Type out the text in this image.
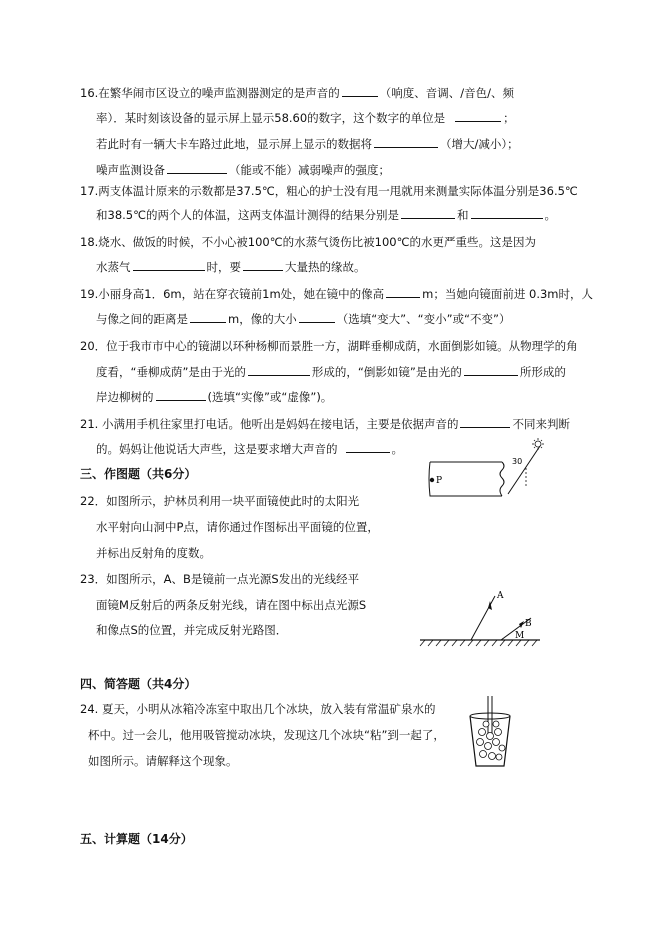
16.在繁华闹市区设立的噪声监测器测定的是声音的	（响度、音调、/音色/、频
率）．某时刻该设备的显示屏上显示58.60的数字，这个数字的单位是	；
若此时有一辆大卡车路过此地，显示屏上显示的数据将	（增大/减小）；
噪声监测设备	（能或不能）减弱噪声的强度；
17.两支体温计原来的示数都是37.5℃，粗心的护士没有甩一甩就用来测量实际体温分别是36.5℃
和38.5℃的两个人的体温，这两支体温计测得的结果分别是	和	。
18.烧水、做饭的时候，不小心被100℃的水蒸气烫伤比被100℃的水更严重些。这是因为
水蒸气	时，要	大量热的缘故。
19.小丽身高1．6m，站在穿衣镜前1m处，她在镜中的像高	m；当她向镜面前进 0.3m时，人
与像之间的距离是	m，像的大小	（选填“变大”、“变小”或“不变”）
20．位于我市市中心的镜湖以环种杨柳而景胜一方，湖畔垂柳成荫，水面倒影如镜。从物理学的角
度看，“垂柳成荫”是由于光的	形成的，“倒影如镜”是由光的	所形成的
岸边柳树的	(选填“实像”或“虚像”)。
21. 小满用手机往家里打电话。他听出是妈妈在接电话，主要是依据声音的	不同来判断
的。妈妈让他说话大声些，这是要求增大声音的	。
三、作图题（共6分）
22．如图所示，护林员利用一块平面镜使此时的太阳光
水平射向山洞中P点，请你通过作图标出平面镜的位置，
并标出反射角的度数。
P
30
23．如图所示，A、B是镜前一点光源S发出的光线经平
面镜M反射后的两条反射光线，请在图中标出点光源S
和像点S的位置，并完成反射光路图．
A
B
M
四、简答题（共4分）
24. 夏天，小明从冰箱冷冻室中取出几个冰块，放入装有常温矿泉水的
杯中。过一会儿，他用吸管搅动冰块，发现这几个冰块“粘”到一起了，
如图所示。请解释这个现象。
五、计算题（14分）
